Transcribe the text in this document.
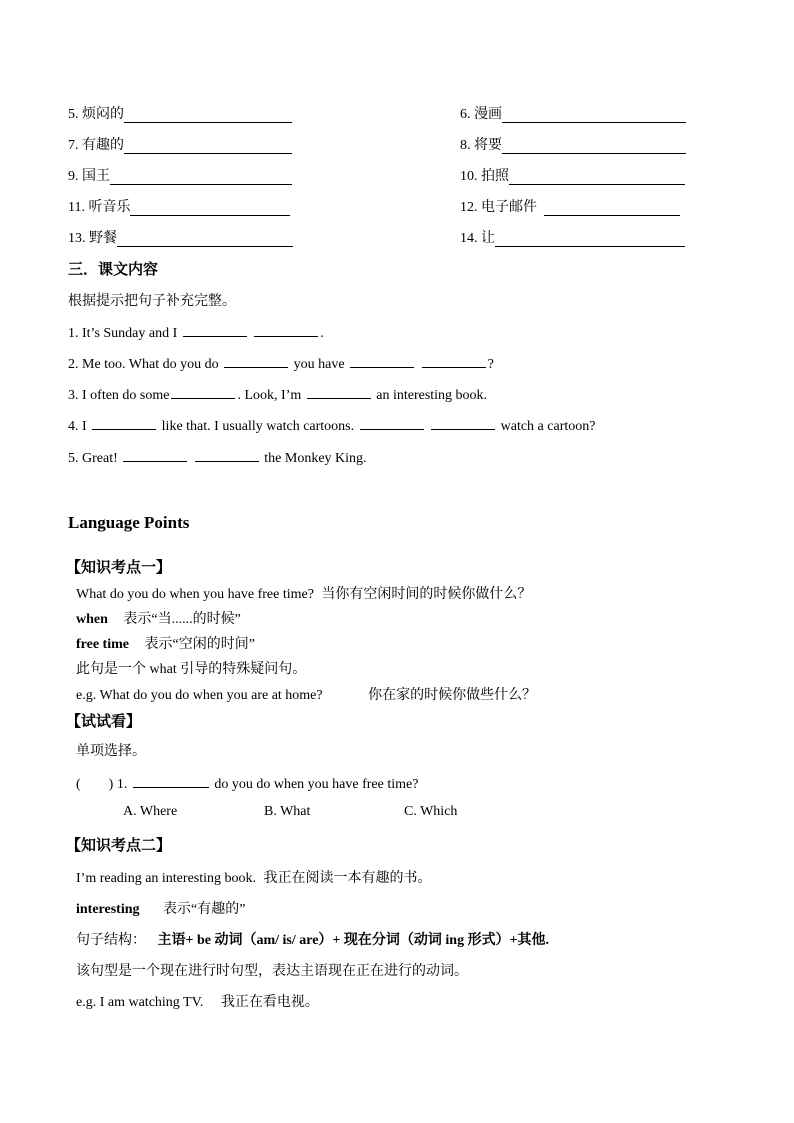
5. 烦闷的	6. 漫画
7. 有趣的	8. 将要
9. 国王	10. 拍照
11. 听音乐	12. 电子邮件
13. 野餐	14. 让
三．课文内容
根据提示把句子补充完整。
1. It’s Sunday and I	.
2. Me too. What do you do	you have	?
3. I often do some	. Look, I’m	an interesting book.
4. I	like that. I usually watch cartoons.	watch a cartoon?
5. Great!	the Monkey King.
Language Points
【知识考点一】
What do you do when you have free time? 当你有空闲时间的时候你做什么？
when 表示“当......的时候”
free time 表示“空闲的时间”
此句是一个 what 引导的特殊疑问句。
e.g. What do you do when you are at home?	你在家的时候你做些什么？
【试试看】
单项选择。
( ) 1.	do you do when you have free time?
A. Where	B. What	C. Which
【知识考点二】
I’m reading an interesting book. 我正在阅读一本有趣的书。
interesting 表示“有趣的”
句子结构： 主语+ be 动词（am/ is/ are）+ 现在分词（动词 ing 形式）+其他.
该句型是一个现在进行时句型，表达主语现在正在进行的动词。
e.g. I am watching TV. 我正在看电视。
